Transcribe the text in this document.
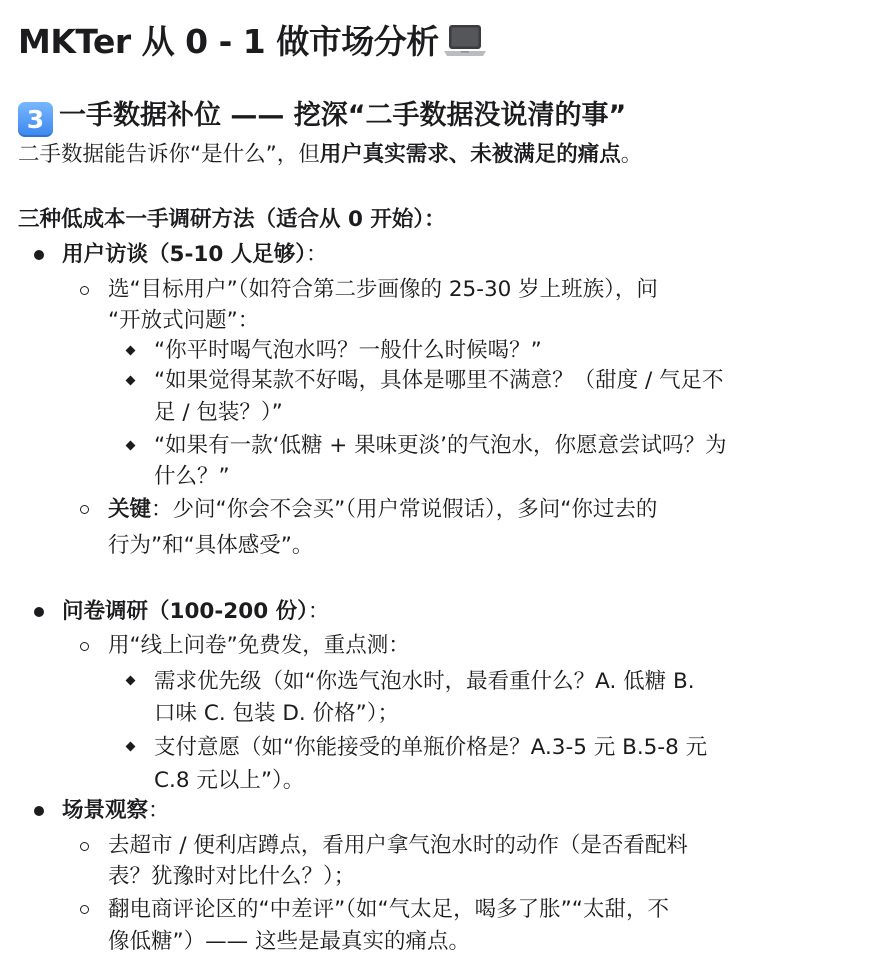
MKTer 从 0 - 1 做市场分析
3 一手数据补位 —— 挖深“二手数据没说清的事”

二手数据能告诉你“是什么”，但用户真实需求、未被满足的痛点。

三种低成本一手调研方法（适合从 0 开始）：

用户访谈（5-10 人足够）：

选“目标用户”（如符合第二步画像的 25-30 岁上班族），问

“开放式问题”：

“你平时喝气泡水吗？一般什么时候喝？”

“如果觉得某款不好喝，具体是哪里不满意？（甜度 / 气足不

足 / 包装？）”

“如果有一款‘低糖 + 果味更淡’的气泡水，你愿意尝试吗？为

什么？”

关键：少问“你会不会买”（用户常说假话），多问“你过去的

行为”和“具体感受”。

问卷调研（100-200 份）：

用“线上问卷”免费发，重点测：

需求优先级（如“你选气泡水时，最看重什么？A. 低糖 B.

口味 C. 包装 D. 价格”）；

支付意愿（如“你能接受的单瓶价格是？A.3-5 元 B.5-8 元

C.8 元以上”）。

场景观察：

去超市 / 便利店蹲点，看用户拿气泡水时的动作（是否看配料

表？犹豫时对比什么？）；

翻电商评论区的“中差评”（如“气太足，喝多了胀”“太甜，不

像低糖”）—— 这些是最真实的痛点。
